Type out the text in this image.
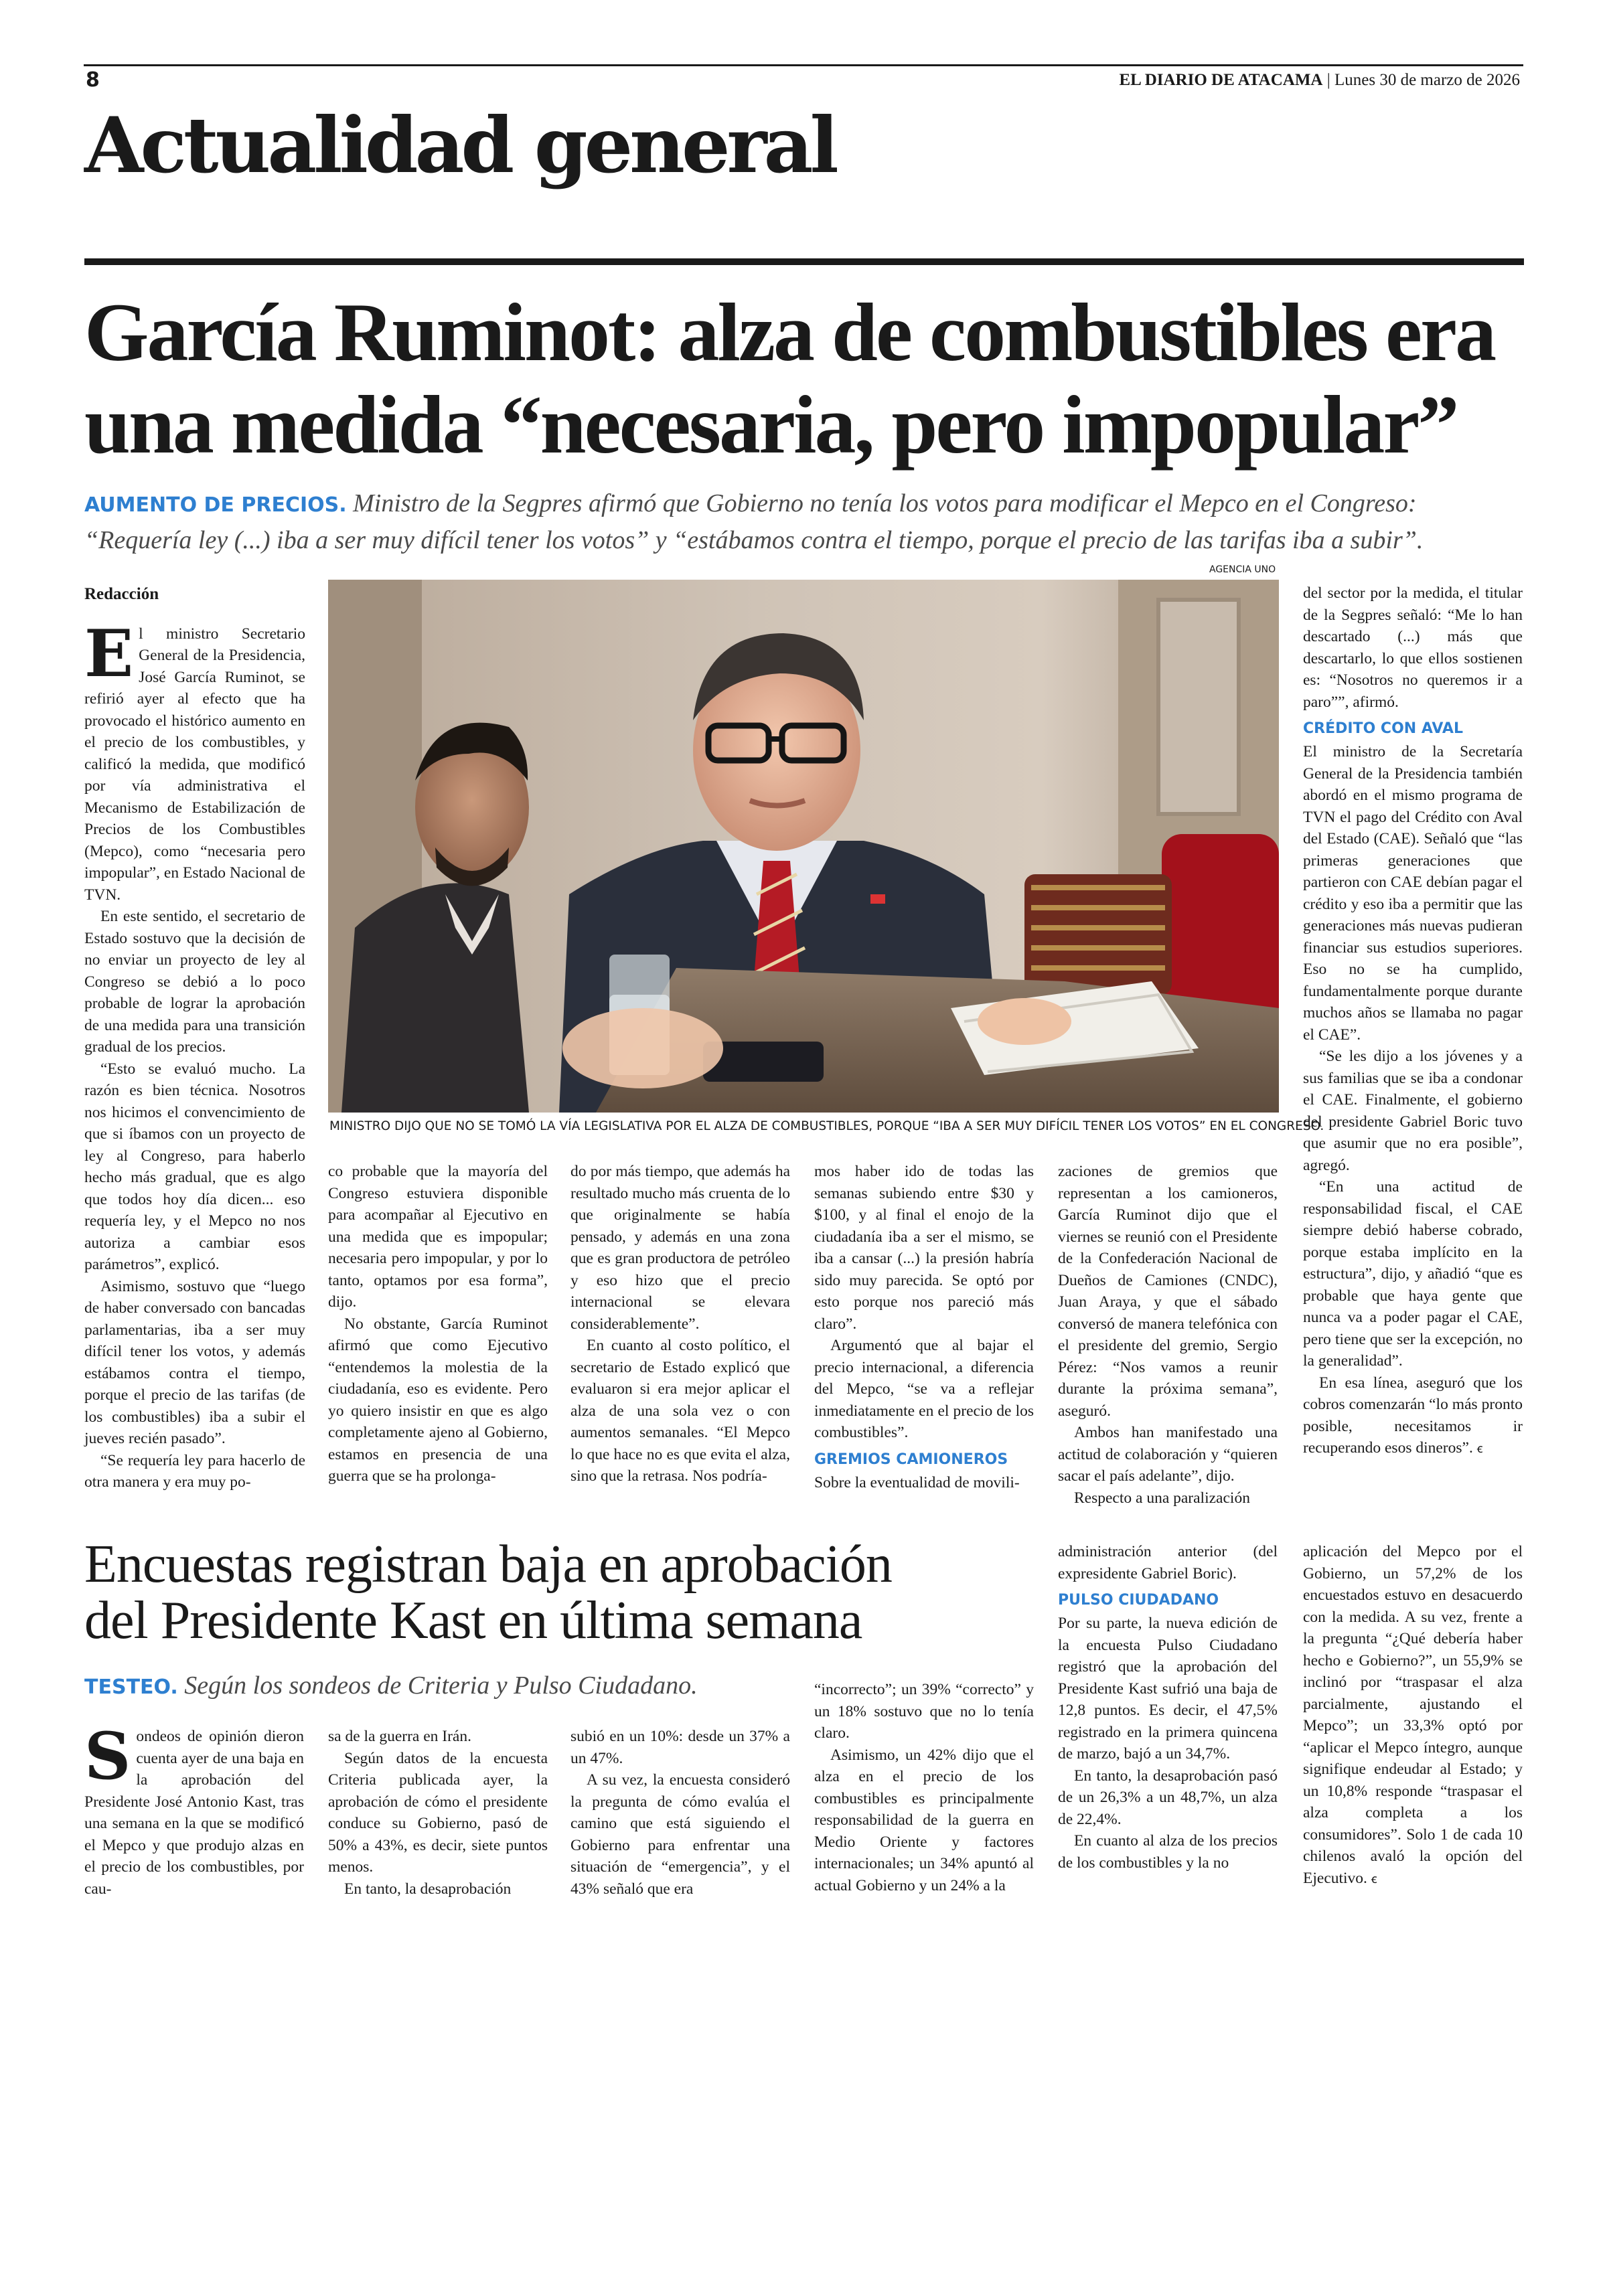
8	EL DIARIO DE ATACAMA | Lunes 30 de marzo de 2026
Actualidad general
García Ruminot: alza de combustibles era
una medida “necesaria, pero impopular”
AUMENTO DE PRECIOS. Ministro de la Segpres afirmó que Gobierno no tenía los votos para modificar el Mepco en el Congreso: “Requería ley (...) iba a ser muy difícil tener los votos” y “estábamos contra el tiempo, porque el precio de las tarifas iba a subir”.
AGENCIA UNO
MINISTRO DIJO QUE NO SE TOMÓ LA VÍA LEGISLATIVA POR EL ALZA DE COMBUSTIBLES, PORQUE “IBA A SER MUY DIFÍCIL TENER LOS VOTOS” EN EL CONGRESO.

Redacción

El ministro Secretario General de la Presidencia, José García Ruminot, se refirió ayer al efecto que ha provocado el histórico aumento en el precio de los combustibles, y calificó la medida, que modificó por vía administrativa el Mecanismo de Estabilización de Precios de los Combustibles (Mepco), como “necesaria pero impopular”, en Estado Nacional de TVN.

En este sentido, el secretario de Estado sostuvo que la decisión de no enviar un proyecto de ley al Congreso se debió a lo poco probable de lograr la aprobación de una medida para una transición gradual de los precios.

“Esto se evaluó mucho. La razón es bien técnica. Nosotros nos hicimos el convencimiento de que si íbamos con un proyecto de ley al Congreso, para haberlo hecho más gradual, que es algo que todos hoy día dicen... eso requería ley, y el Mepco no nos autoriza a cambiar esos parámetros”, explicó.

Asimismo, sostuvo que “luego de haber conversado con bancadas parlamentarias, iba a ser muy difícil tener los votos, y además estábamos contra el tiempo, porque el precio de las tarifas (de los combustibles) iba a subir el jueves recién pasado”.

“Se requería ley para hacerlo de otra manera y era muy po-

co probable que la mayoría del Congreso estuviera disponible para acompañar al Ejecutivo en una medida que es impopular; necesaria pero impopular, y por lo tanto, optamos por esa forma”, dijo.

No obstante, García Ruminot afirmó que como Ejecutivo “entendemos la molestia de la ciudadanía, eso es evidente. Pero yo quiero insistir en que es algo completamente ajeno al Gobierno, estamos en presencia de una guerra que se ha prolonga-

do por más tiempo, que además ha resultado mucho más cruenta de lo que originalmente se había pensado, y además en una zona que es gran productora de petróleo y eso hizo que el precio internacional se elevara considerablemente”.

En cuanto al costo político, el secretario de Estado explicó que evaluaron si era mejor aplicar el alza de una sola vez o con aumentos semanales. “El Mepco lo que hace no es que evita el alza, sino que la retrasa. Nos podría-

mos haber ido de todas las semanas subiendo entre $30 y $100, y al final el enojo de la ciudadanía iba a ser el mismo, se iba a cansar (...) la presión habría sido muy parecida. Se optó por esto porque nos pareció más claro”.

Argumentó que al bajar el precio internacional, a diferencia del Mepco, “se va a reflejar inmediatamente en el precio de los combustibles”.

GREMIOS CAMIONEROS

Sobre la eventualidad de movili-

zaciones de gremios que representan a los camioneros, García Ruminot dijo que el viernes se reunió con el Presidente de la Confederación Nacional de Dueños de Camiones (CNDC), Juan Araya, y que el sábado conversó de manera telefónica con el presidente del gremio, Sergio Pérez: “Nos vamos a reunir durante la próxima semana”, aseguró.

Ambos han manifestado una actitud de colaboración y “quieren sacar el país adelante”, dijo.

Respecto a una paralización

del sector por la medida, el titular de la Segpres señaló: “Me lo han descartado (...) más que descartarlo, lo que ellos sostienen es: “Nosotros no queremos ir a paro””, afirmó.

CRÉDITO CON AVAL

El ministro de la Secretaría General de la Presidencia también abordó en el mismo programa de TVN el pago del Crédito con Aval del Estado (CAE). Señaló que “las primeras generaciones que partieron con CAE debían pagar el crédito y eso iba a permitir que las generaciones más nuevas pudieran financiar sus estudios superiores. Eso no se ha cumplido, fundamentalmente porque durante muchos años se llamaba no pagar el CAE”.

“Se les dijo a los jóvenes y a sus familias que se iba a condonar el CAE. Finalmente, el gobierno del presidente Gabriel Boric tuvo que asumir que no era posible”, agregó.

“En una actitud de responsabilidad fiscal, el CAE siempre debió haberse cobrado, porque estaba implícito en la estructura”, dijo, y añadió “que es probable que haya gente que nunca va a poder pagar el CAE, pero tiene que ser la excepción, no la generalidad”.

En esa línea, aseguró que los cobros comenzarán “lo más pronto posible, necesitamos ir recuperando esos dineros”. ꞓ

Encuestas registran baja en aprobación
del Presidente Kast en última semana
TESTEO. Según los sondeos de Criteria y Pulso Ciudadano.

Sondeos de opinión dieron cuenta ayer de una baja en la aprobación del Presidente José Antonio Kast, tras una semana en la que se modificó el Mepco y que produjo alzas en el precio de los combustibles, por cau-

sa de la guerra en Irán.

Según datos de la encuesta Criteria publicada ayer, la aprobación de cómo el presidente conduce su Gobierno, pasó de 50% a 43%, es decir, siete puntos menos.

En tanto, la desaprobación

subió en un 10%: desde un 37% a un 47%.

A su vez, la encuesta consideró la pregunta de cómo evalúa el camino que está siguiendo el Gobierno para enfrentar una situación de “emergencia”, y el 43% señaló que era

“incorrecto”; un 39% “correcto” y un 18% sostuvo que no lo tenía claro.

Asimismo, un 42% dijo que el alza en el precio de los combustibles es principalmente responsabilidad de la guerra en Medio Oriente y factores internacionales; un 34% apuntó al actual Gobierno y un 24% a la

administración anterior (del expresidente Gabriel Boric).

PULSO CIUDADANO

Por su parte, la nueva edición de la encuesta Pulso Ciudadano registró que la aprobación del Presidente Kast sufrió una baja de 12,8 puntos. Es decir, el 47,5% registrado en la primera quincena de marzo, bajó a un 34,7%.

En tanto, la desaprobación pasó de un 26,3% a un 48,7%, un alza de 22,4%.

En cuanto al alza de los precios de los combustibles y la no

aplicación del Mepco por el Gobierno, un 57,2% de los encuestados estuvo en desacuerdo con la medida. A su vez, frente a la pregunta “¿Qué debería haber hecho e Gobierno?”, un 55,9% se inclinó por “traspasar el alza parcialmente, ajustando el Mepco”; un 33,3% optó por “aplicar el Mepco íntegro, aunque signifique endeudar al Estado; y un 10,8% responde “traspasar el alza completa a los consumidores”. Solo 1 de cada 10 chilenos avaló la opción del Ejecutivo. ꞓ
